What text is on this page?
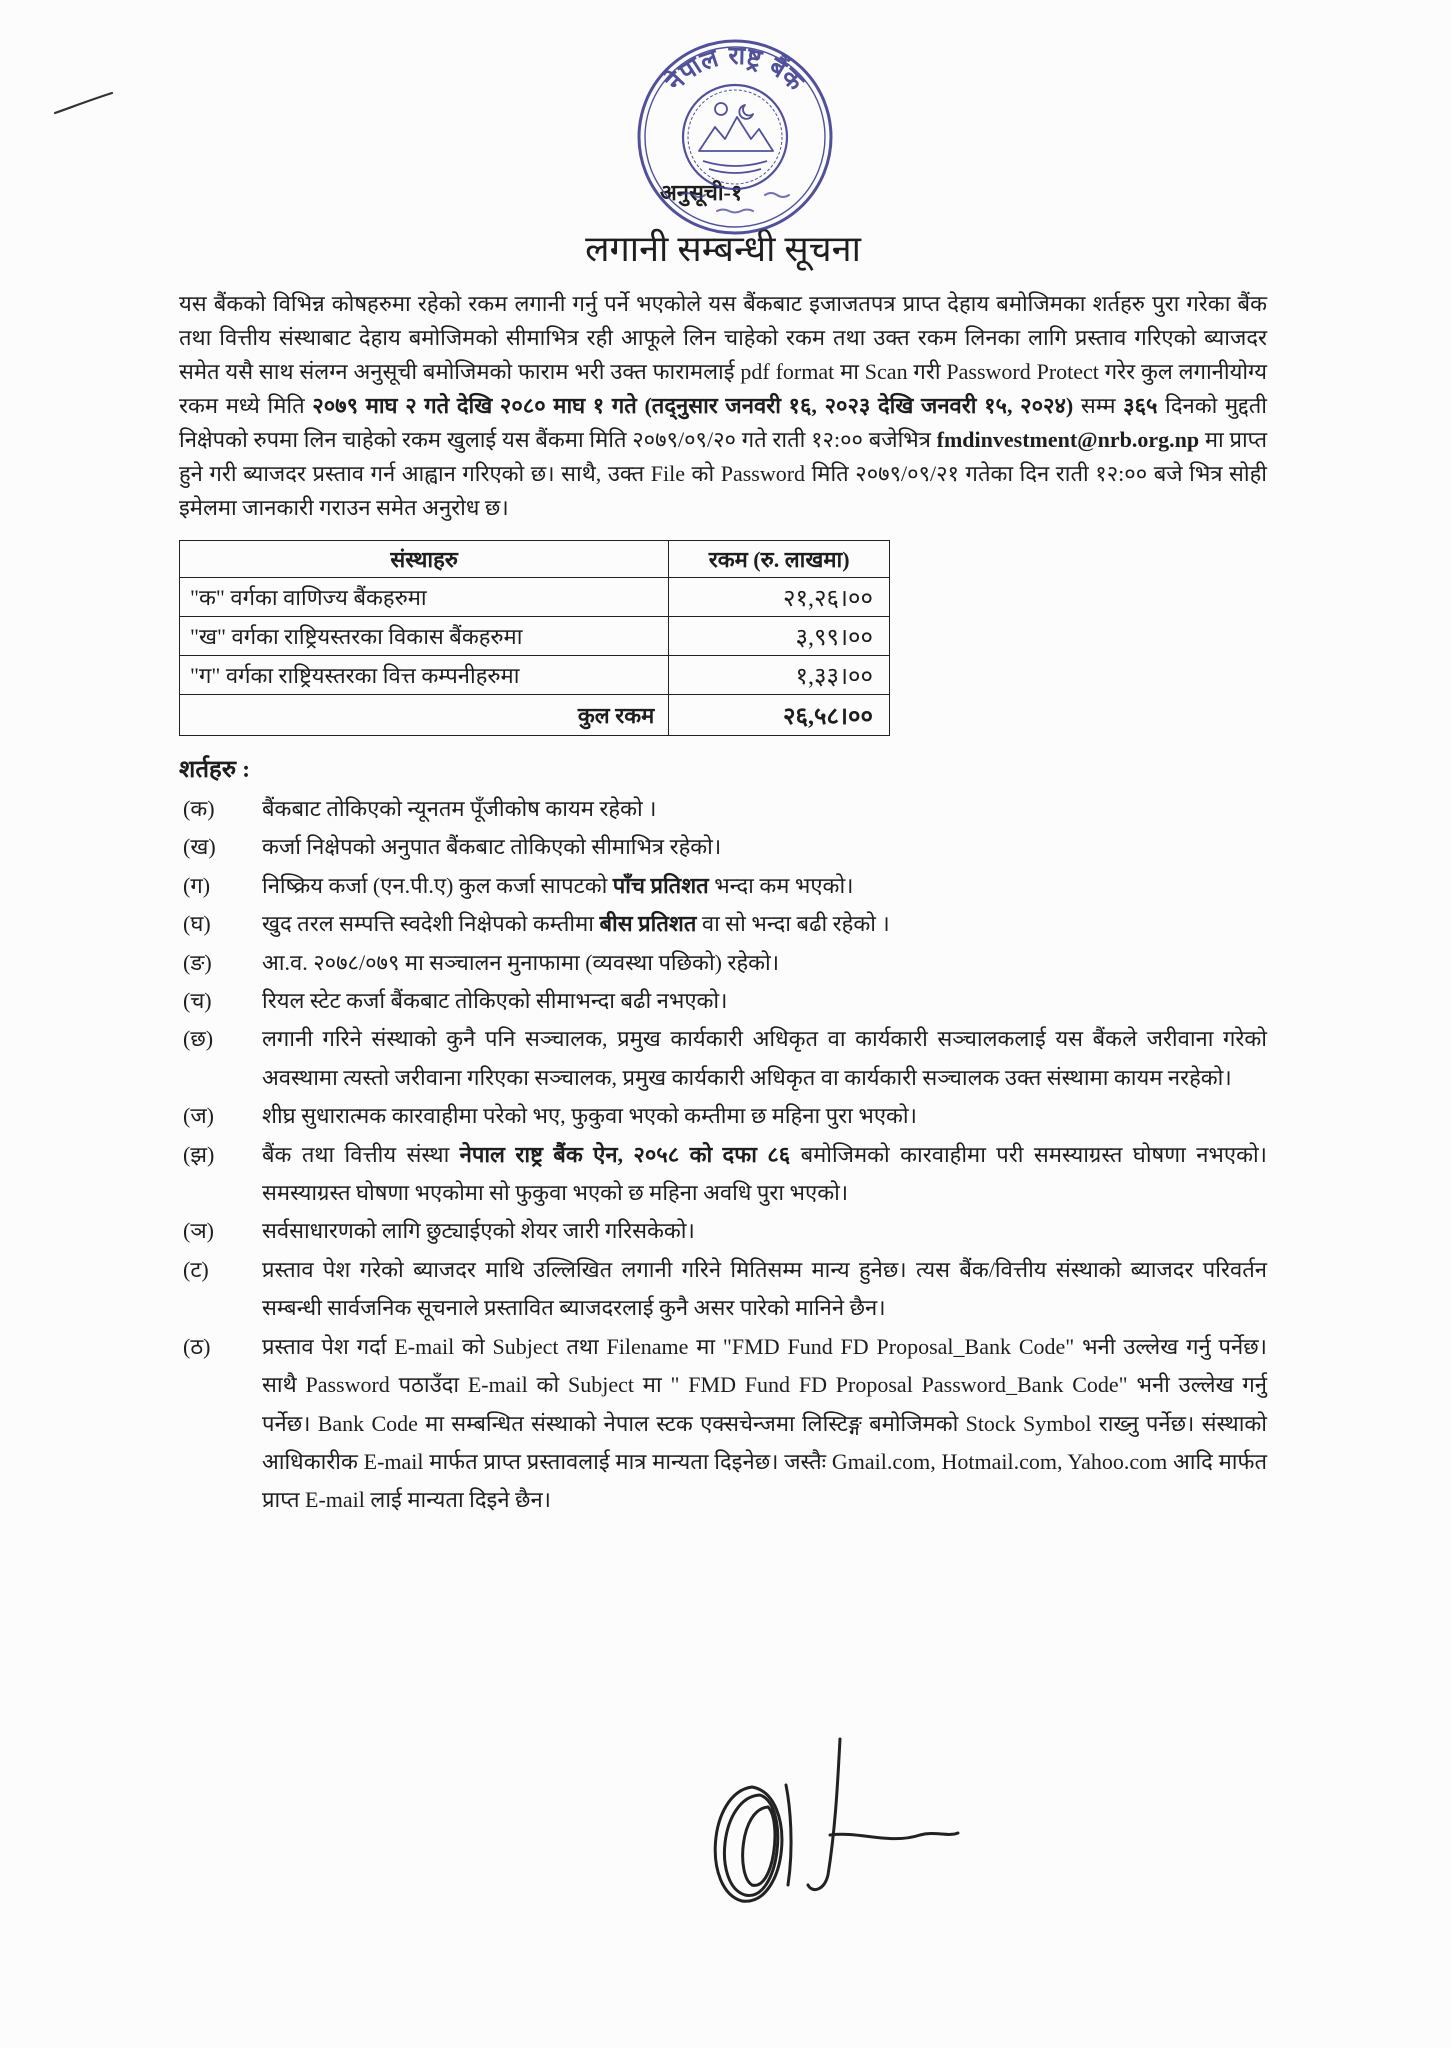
नेपाल राष्ट्र बैंक
अनुसूची-१
लगानी सम्बन्धी सूचना

यस बैंकको विभिन्न कोषहरुमा रहेको रकम लगानी गर्नु पर्ने भएकोले यस बैंकबाट इजाजतपत्र प्राप्त देहाय बमोजिमका शर्तहरु पुरा गरेका बैंक तथा वित्तीय संस्थाबाट देहाय बमोजिमको सीमाभित्र रही आफूले लिन चाहेको रकम तथा उक्त रकम लिनका लागि प्रस्ताव गरिएको ब्याजदर समेत यसै साथ संलग्न अनुसूची बमोजिमको फाराम भरी उक्त फारामलाई pdf format मा Scan गरी Password Protect गरेर कुल लगानीयोग्य रकम मध्ये मिति २०७९ माघ २ गते देखि २०८० माघ १ गते (तद्नुसार जनवरी १६, २०२३ देखि जनवरी १५, २०२४) सम्म ३६५ दिनको मुद्दती निक्षेपको रुपमा लिन चाहेको रकम खुलाई यस बैंकमा मिति २०७९/०९/२० गते राती १२:०० बजेभित्र fmdinvestment@nrb.org.np मा प्राप्त हुने गरी ब्याजदर प्रस्ताव गर्न आह्वान गरिएको छ। साथै, उक्त File को Password मिति २०७९/०९/२१ गतेका दिन राती १२:०० बजे भित्र सोही इमेलमा जानकारी गराउन समेत अनुरोध छ।

संस्थाहरु	रकम (रु. लाखमा)
"क" वर्गका वाणिज्य बैंकहरुमा	२१,२६।००
"ख" वर्गका राष्ट्रियस्तरका विकास बैंकहरुमा	३,९९।००
"ग" वर्गका राष्ट्रियस्तरका वित्त कम्पनीहरुमा	१,३३।००
कुल रकम	२६,५८।००
शर्तहरु :
(क)	बैंकबाट तोकिएको न्यूनतम पूँजीकोष कायम रहेको ।
(ख)	कर्जा निक्षेपको अनुपात बैंकबाट तोकिएको सीमाभित्र रहेको।
(ग)	निष्क्रिय कर्जा (एन.पी.ए) कुल कर्जा सापटको पाँच प्रतिशत भन्दा कम भएको।
(घ)	खुद तरल सम्पत्ति स्वदेशी निक्षेपको कम्तीमा बीस प्रतिशत वा सो भन्दा बढी रहेको ।
(ङ)	आ.व. २०७८/०७९ मा सञ्चालन मुनाफामा (व्यवस्था पछिको) रहेको।
(च)	रियल स्टेट कर्जा बैंकबाट तोकिएको सीमाभन्दा बढी नभएको।
(छ)	लगानी गरिने संस्थाको कुनै पनि सञ्चालक, प्रमुख कार्यकारी अधिकृत वा कार्यकारी सञ्चालकलाई यस बैंकले जरीवाना गरेको अवस्थामा त्यस्तो जरीवाना गरिएका सञ्चालक, प्रमुख कार्यकारी अधिकृत वा कार्यकारी सञ्चालक उक्त संस्थामा कायम नरहेको।
(ज)	शीघ्र सुधारात्मक कारवाहीमा परेको भए, फुकुवा भएको कम्तीमा छ महिना पुरा भएको।
(झ)	बैंक तथा वित्तीय संस्था नेपाल राष्ट्र बैंक ऐन, २०५८ को दफा ८६ बमोजिमको कारवाहीमा परी समस्याग्रस्त घोषणा नभएको। समस्याग्रस्त घोषणा भएकोमा सो फुकुवा भएको छ महिना अवधि पुरा भएको।
(ञ)	सर्वसाधारणको लागि छुट्याईएको शेयर जारी गरिसकेको।
(ट)	प्रस्ताव पेश गरेको ब्याजदर माथि उल्लिखित लगानी गरिने मितिसम्म मान्य हुनेछ। त्यस बैंक/वित्तीय संस्थाको ब्याजदर परिवर्तन सम्बन्धी सार्वजनिक सूचनाले प्रस्तावित ब्याजदरलाई कुनै असर पारेको मानिने छैन।
(ठ)	प्रस्ताव पेश गर्दा E-mail को Subject तथा Filename मा "FMD Fund FD Proposal_Bank Code" भनी उल्लेख गर्नु पर्नेछ। साथै Password पठाउँदा E-mail को Subject मा " FMD Fund FD Proposal Password_Bank Code" भनी उल्लेख गर्नु पर्नेछ। Bank Code मा सम्बन्धित संस्थाको नेपाल स्टक एक्सचेन्जमा लिस्टिङ्ग बमोजिमको Stock Symbol राख्नु पर्नेछ। संस्थाको आधिकारीक E-mail मार्फत प्राप्त प्रस्तावलाई मात्र मान्यता दिइनेछ। जस्तैः Gmail.com, Hotmail.com, Yahoo.com आदि मार्फत प्राप्त E-mail लाई मान्यता दिइने छैन।
